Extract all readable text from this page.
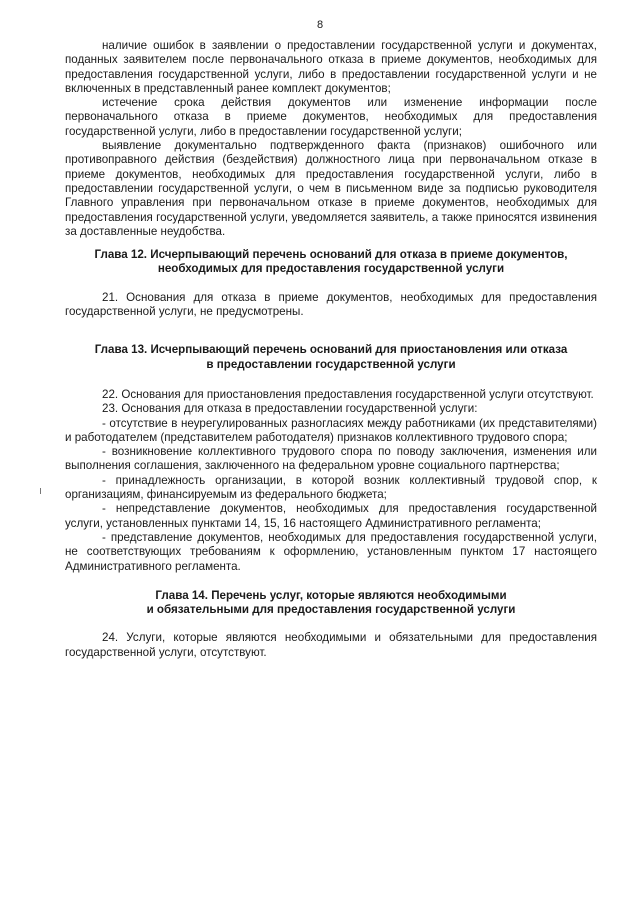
8

наличие ошибок в заявлении о предоставлении государственной услуги и документах, поданных заявителем после первоначального отказа в приеме документов, необходимых для предоставления государственной услуги, либо в предоставлении государственной услуги и не включенных в представленный ранее комплект документов;

истечение срока действия документов или изменение информации после первоначального отказа в приеме документов, необходимых для предоставления государственной услуги, либо в предоставлении государственной услуги;

выявление документально подтвержденного факта (признаков) ошибочного или противоправного действия (бездействия) должностного лица при первоначальном отказе в приеме документов, необходимых для предоставления государственной услуги, либо в предоставлении государственной услуги, о чем в письменном виде за подписью руководителя Главного управления при первоначальном отказе в приеме документов, необходимых для предоставления государственной услуги, уведомляется заявитель, а также приносятся извинения за доставленные неудобства.

Глава 12. Исчерпывающий перечень оснований для отказа в приеме документов,

необходимых для предоставления государственной услуги

21. Основания для отказа в приеме документов, необходимых для предоставления государственной услуги, не предусмотрены.

Глава 13. Исчерпывающий перечень оснований для приостановления или отказа

в предоставлении государственной услуги

22. Основания для приостановления предоставления государственной услуги отсутствуют.

23. Основания для отказа в предоставлении государственной услуги:

- отсутствие в неурегулированных разногласиях между работниками (их представителями) и работодателем (представителем работодателя) признаков коллективного трудового спора;

- возникновение коллективного трудового спора по поводу заключения, изменения или выполнения соглашения, заключенного на федеральном уровне социального партнерства;

- принадлежность организации, в которой возник коллективный трудовой спор, к организациям, финансируемым из федерального бюджета;

- непредставление документов, необходимых для предоставления государственной услуги, установленных пунктами 14, 15, 16 настоящего Административного регламента;

- представление документов, необходимых для предоставления государственной услуги, не соответствующих требованиям к оформлению, установленным пунктом 17 настоящего Административного регламента.

Глава 14. Перечень услуг, которые являются необходимыми

и обязательными для предоставления государственной услуги

24. Услуги, которые являются необходимыми и обязательными для предоставления государственной услуги, отсутствуют.
